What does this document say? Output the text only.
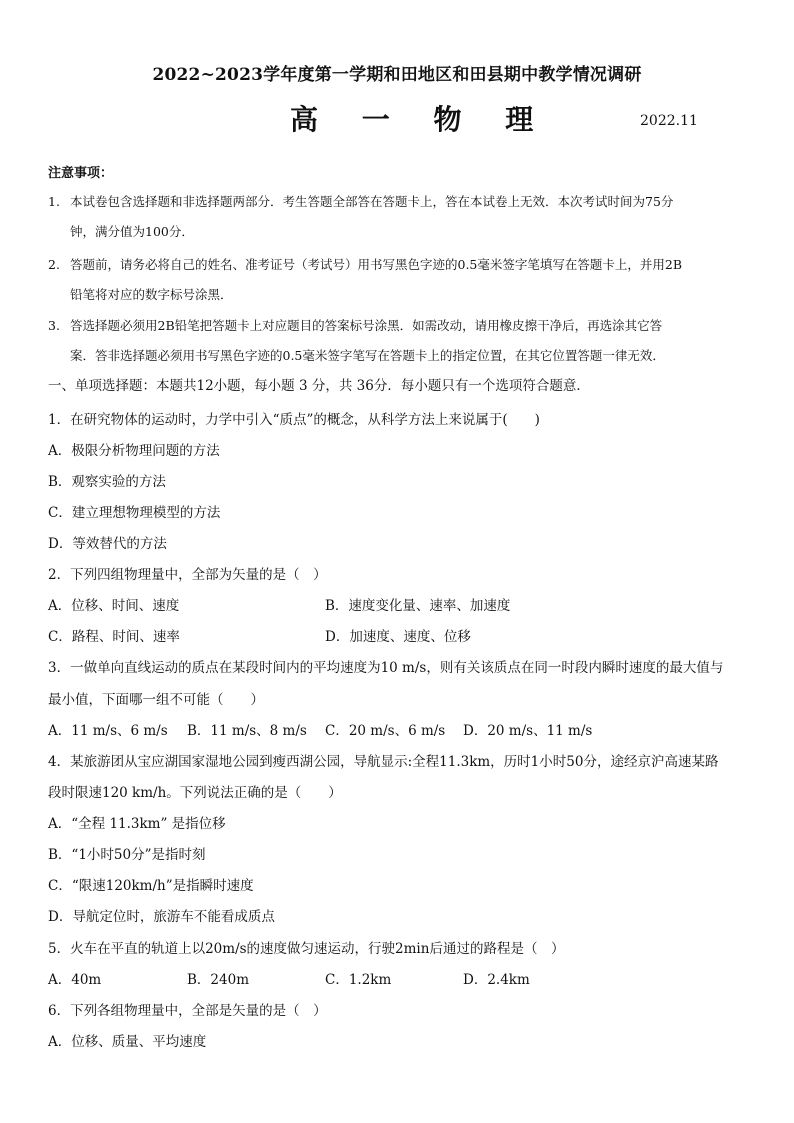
2022~2023学年度第一学期和田地区和田县期中教学情况调研
高 一 物 理	2022.11
注意事项：
1. 本试卷包含选择题和非选择题两部分．考生答题全部答在答题卡上，答在本试卷上无效．本次考试时间为75分
钟，满分值为100分．
2. 答题前，请务必将自己的姓名、准考证号（考试号）用书写黑色字迹的0.5毫米签字笔填写在答题卡上，并用2B
铅笔将对应的数字标号涂黑．
3. 答选择题必须用2B铅笔把答题卡上对应题目的答案标号涂黑．如需改动，请用橡皮擦干净后，再选涂其它答
案．答非选择题必须用书写黑色字迹的0.5毫米签字笔写在答题卡上的指定位置，在其它位置答题一律无效．
一、单项选择题：本题共12小题，每小题 3 分，共 36分．每小题只有一个选项符合题意．
1．在研究物体的运动时，力学中引入“质点”的概念，从科学方法上来说属于(　　)
A．极限分析物理问题的方法
B．观察实验的方法
C．建立理想物理模型的方法
D．等效替代的方法
2．下列四组物理量中，全部为矢量的是（　）
A．位移、时间、速度	B．速度变化量、速率、加速度
C．路程、时间、速率	D．加速度、速度、位移
3．一做单向直线运动的质点在某段时间内的平均速度为10 m/s，则有关该质点在同一时段内瞬时速度的最大值与
最小值，下面哪一组不可能（　　）
A．11 m/s、6 m/s B．11 m/s、8 m/s C．20 m/s、6 m/s D．20 m/s、11 m/s
4．某旅游团从宝应湖国家湿地公园到瘦西湖公园，导航显示:全程11.3km，历时1小时50分，途经京沪高速某路
段时限速120 km/h。下列说法正确的是（　　）
A．“全程 11.3km” 是指位移
B．“1小时50分”是指时刻
C．“限速120km/h”是指瞬时速度
D．导航定位时，旅游车不能看成质点
5．火车在平直的轨道上以20m/s的速度做匀速运动，行驶2min后通过的路程是（　）
A．40m	B．240m	C．1.2km	D．2.4km
6．下列各组物理量中，全部是矢量的是（　）
A．位移、质量、平均速度
